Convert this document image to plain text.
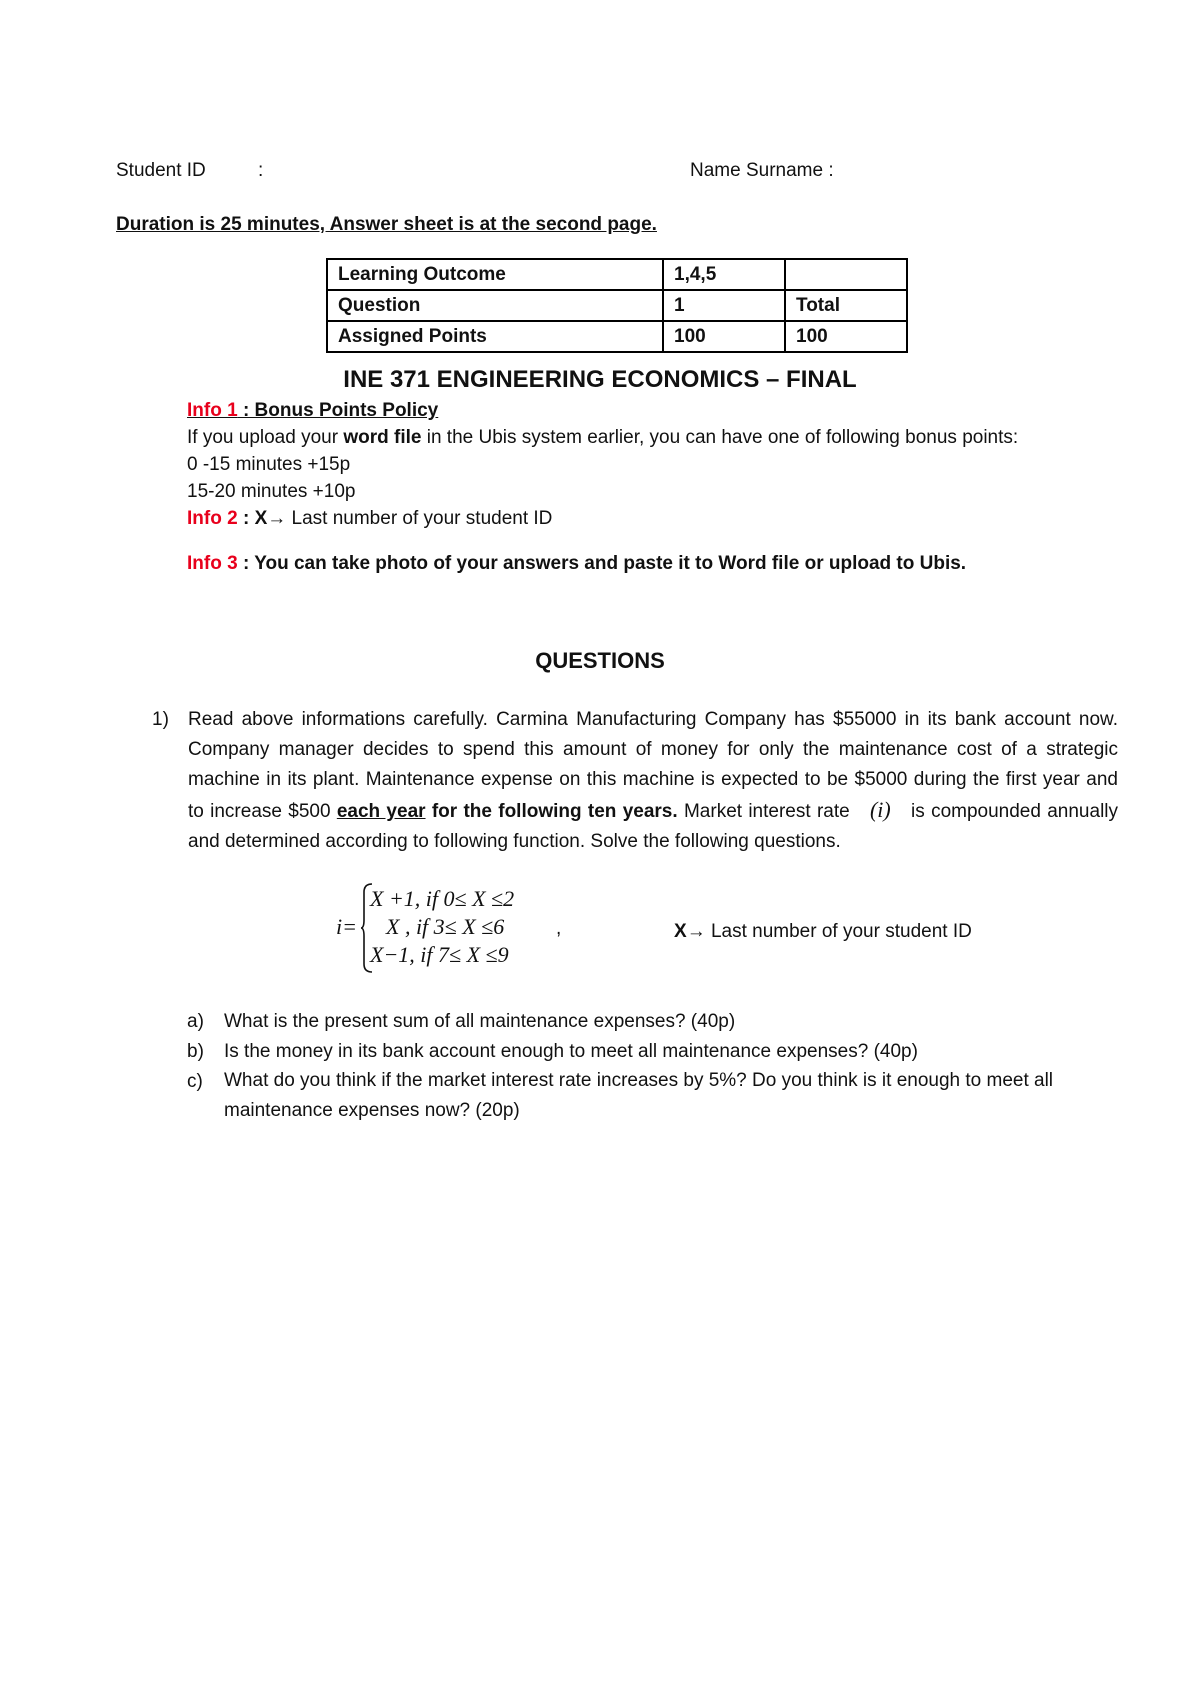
Student ID	:	Name Surname :
Duration is 25 minutes, Answer sheet is at the second page.
Learning Outcome	1,4,5	
Question	1	Total
Assigned Points	100	100
INE 371 ENGINEERING ECONOMICS – FINAL
Info 1 : Bonus Points Policy
If you upload your word file in the Ubis system earlier, you can have one of following bonus points:
0 -15 minutes +15p
15-20 minutes +10p
Info 2 : X→ Last number of your student ID
Info 3 : You can take photo of your answers and paste it to Word file or upload to Ubis.
QUESTIONS
1) Read above informations carefully. Carmina Manufacturing Company has $55000 in its bank account now. Company manager decides to spend this amount of money for only the maintenance cost of a strategic machine in its plant. Maintenance expense on this machine is expected to be $5000 during the first year and to increase $500 each year for the following ten years. Market interest rate (i) is compounded annually and determined according to following function. Solve the following questions.
i=
X +1, if 0≤ X ≤2
X , if 3≤ X ≤6
X−1, if 7≤ X ≤9
,	X→ Last number of your student ID
a) What is the present sum of all maintenance expenses? (40p)
b) Is the money in its bank account enough to meet all maintenance expenses? (40p)
c) What do you think if the market interest rate increases by 5%? Do you think is it enough to meet all maintenance expenses now? (20p)
